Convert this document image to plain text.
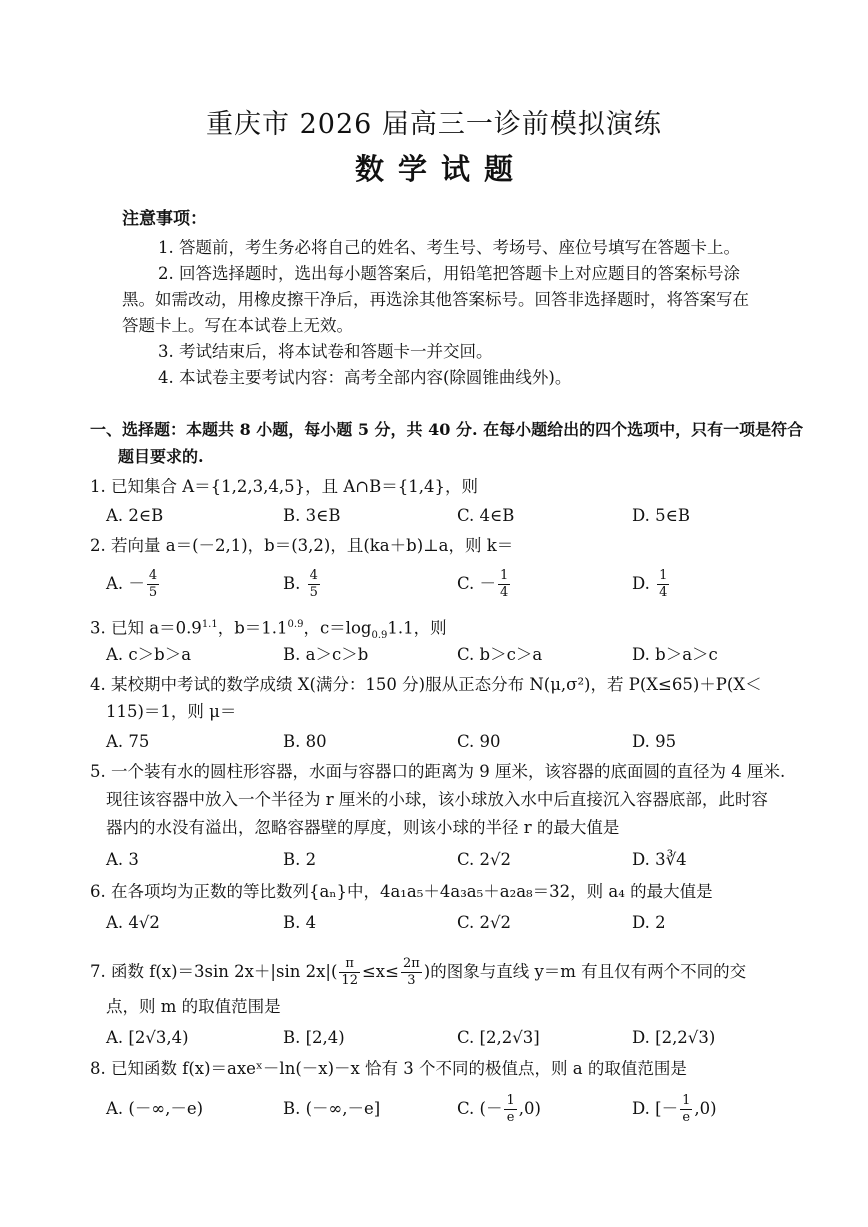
重庆市 2026 届高三一诊前模拟演练
数学试题
注意事项：
1. 答题前，考生务必将自己的姓名、考生号、考场号、座位号填写在答题卡上。
2. 回答选择题时，选出每小题答案后，用铅笔把答题卡上对应题目的答案标号涂
黑。如需改动，用橡皮擦干净后，再选涂其他答案标号。回答非选择题时，将答案写在
答题卡上。写在本试卷上无效。
3. 考试结束后，将本试卷和答题卡一并交回。
4. 本试卷主要考试内容：高考全部内容(除圆锥曲线外)。
一、选择题：本题共 8 小题，每小题 5 分，共 40 分. 在每小题给出的四个选项中，只有一项是符合
题目要求的.
1. 已知集合 A＝{1,2,3,4,5}，且 A∩B＝{1,4}，则
A. 2∈B	B. 3∈B	C. 4∈B	D. 5∈B
2. 若向量 a＝(－2,1)，b＝(3,2)，且(ka＋b)⊥a，则 k＝
A. － $\frac{4}{5}$	B. $\frac{4}{5}$	C. － $\frac{1}{4}$	D. $\frac{1}{4}$
3. 已知 $a=0.9^{1.1}$，$b=1.1^{0.9}$，$c=\log_{0.9}1.1$，则
A. c＞b＞a	B. a＞c＞b	C. b＞c＞a	D. b＞a＞c
4. 某校期中考试的数学成绩 X(满分：150 分)服从正态分布 N(μ,σ²)，若 P(X≤65)＋P(X＜
115)＝1，则 μ＝
A. 75	B. 80	C. 90	D. 95
5. 一个装有水的圆柱形容器，水面与容器口的距离为 9 厘米，该容器的底面圆的直径为 4 厘米.
现往该容器中放入一个半径为 r 厘米的小球，该小球放入水中后直接沉入容器底部，此时容
器内的水没有溢出，忽略容器壁的厚度，则该小球的半径 r 的最大值是
A. 3	B. 2	C. 2√2	D. 3∛4
6. 在各项均为正数的等比数列{aₙ}中，4a₁a₅＋4a₃a₅＋a₂a₈＝32，则 a₄ 的最大值是
A. 4√2	B. 4	C. 2√2	D. 2
7. 函数 f(x)＝3sin 2x＋|sin $2x|( \frac{\pi}{12} \le x\le \frac{2\pi}{3}$ )的图象与直线 y＝m 有且仅有两个不同的交
点，则 m 的取值范围是
A. [2√3,4)	B. [2,4)	C. [2,2√3]	D. [2,2√3)
8. 已知函数 f(x)＝axeˣ－ln(－x)－x 恰有 3 个不同的极值点，则 a 的取值范围是
A. (－∞,－e)	B. (－∞,－e]	C. (－ $\frac{1}{e} ,0$)	D. [－ $\frac{1}{e} ,0$)
